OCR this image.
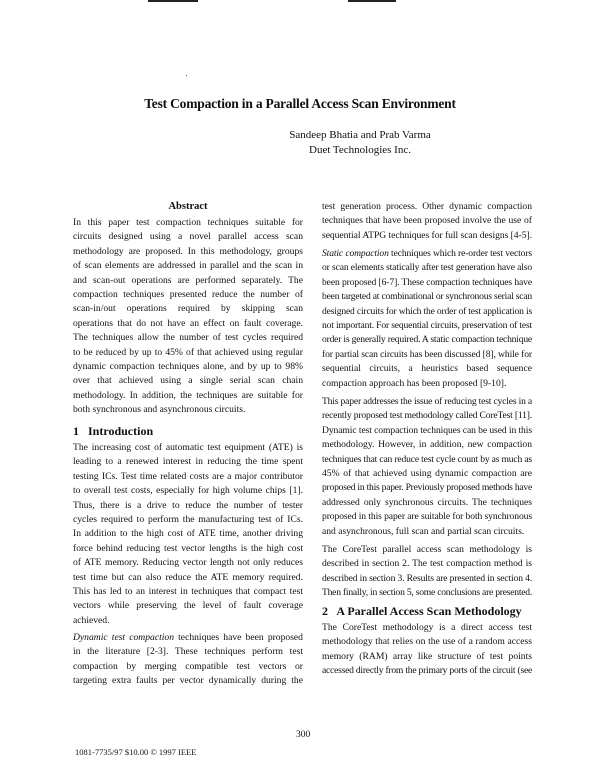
Test Compaction in a Parallel Access Scan Environment
Sandeep Bhatia and Prab Varma
Duet Technologies Inc.
Abstract
In this paper test compaction techniques suitable for
circuits designed using a novel parallel access scan
methodology are proposed. In this methodology, groups
of scan elements are addressed in parallel and the scan in
and scan-out operations are performed separately. The
compaction techniques presented reduce the number of
scan-in/out operations required by skipping scan
operations that do not have an effect on fault coverage.
The techniques allow the number of test cycles required
to be reduced by up to 45% of that achieved using regular
dynamic compaction techniques alone, and by up to 98%
over that achieved using a single serial scan chain
methodology. In addition, the techniques are suitable for
both synchronous and asynchronous circuits.
1   Introduction
The increasing cost of automatic test equipment (ATE) is
leading to a renewed interest in reducing the time spent
testing ICs. Test time related costs are a major contributor
to overall test costs, especially for high volume chips [1].
Thus, there is a drive to reduce the number of tester
cycles required to perform the manufacturing test of ICs.
In addition to the high cost of ATE time, another driving
force behind reducing test vector lengths is the high cost
of ATE memory. Reducing vector length not only reduces
test time but can also reduce the ATE memory required.
This has led to an interest in techniques that compact test
vectors while preserving the level of fault coverage
achieved.
Dynamic test compaction techniques have been proposed
in the literature [2-3]. These techniques perform test
compaction by merging compatible test vectors or
targeting extra faults per vector dynamically during the
test generation process. Other dynamic compaction
techniques that have been proposed involve the use of
sequential ATPG techniques for full scan designs [4-5].
Static compaction techniques which re-order test vectors
or scan elements statically after test generation have also
been proposed [6-7]. These compaction techniques have
been targeted at combinational or synchronous serial scan
designed circuits for which the order of test application is
not important. For sequential circuits, preservation of test
order is generally required. A static compaction technique
for partial scan circuits has been discussed [8], while for
sequential circuits, a heuristics based sequence
compaction approach has been proposed [9-10].
This paper addresses the issue of reducing test cycles in a
recently proposed test methodology called CoreTest [11].
Dynamic test compaction techniques can be used in this
methodology. However, in addition, new compaction
techniques that can reduce test cycle count by as much as
45% of that achieved using dynamic compaction are
proposed in this paper. Previously proposed methods have
addressed only synchronous circuits. The techniques
proposed in this paper are suitable for both synchronous
and asynchronous, full scan and partial scan circuits.
The CoreTest parallel access scan methodology is
described in section 2. The test compaction method is
described in section 3. Results are presented in section 4.
Then finally, in section 5, some conclusions are presented.
2   A Parallel Access Scan Methodology
The CoreTest methodology is a direct access test
methodology that relies on the use of a random access
memory (RAM) array like structure of test points
accessed directly from the primary ports of the circuit (see
300
1081-7735/97 $10.00 © 1997 IEEE
